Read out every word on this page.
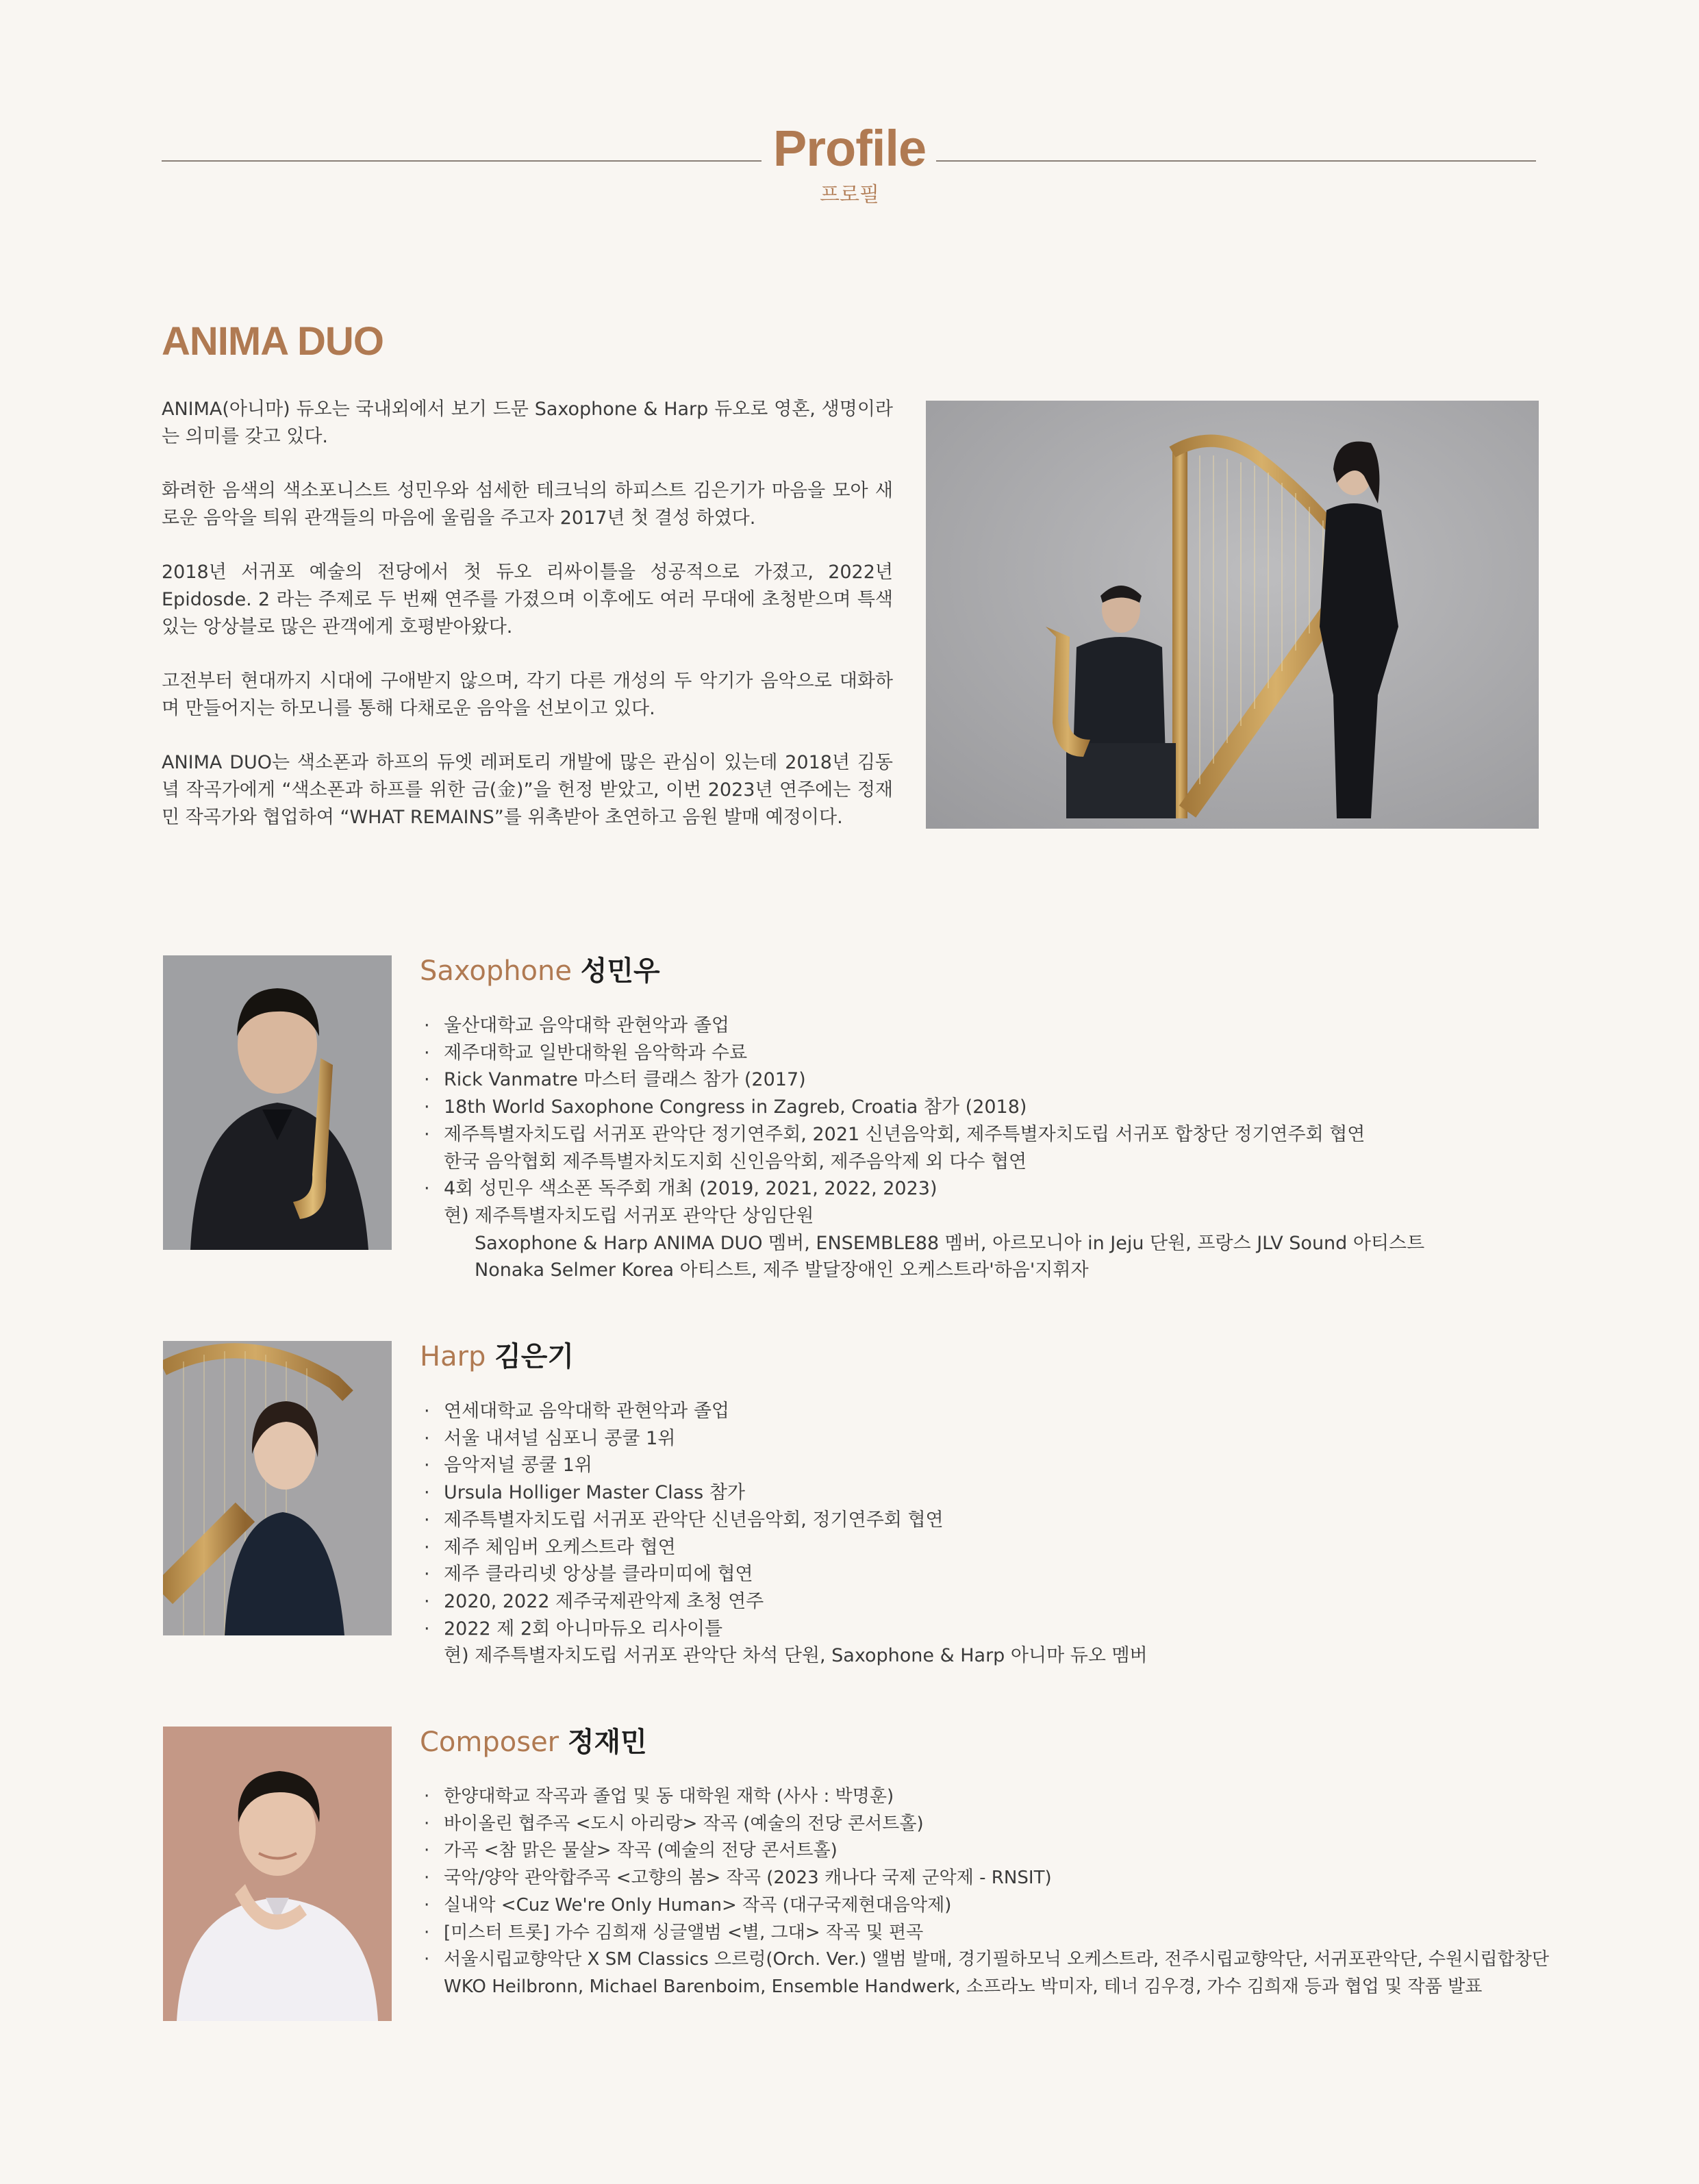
Profile
프로필
ANIMA DUO

ANIMA(아니마) 듀오는 국내외에서 보기 드문 Saxophone & Harp 듀오로 영혼, 생명이라는 의미를 갖고 있다.

화려한 음색의 색소포니스트 성민우와 섬세한 테크닉의 하피스트 김은기가 마음을 모아 새로운 음악을 틔워 관객들의 마음에 울림을 주고자 2017년 첫 결성 하였다.

2018년 서귀포 예술의 전당에서 첫 듀오 리싸이틀을 성공적으로 가졌고, 2022년 Epidosde. 2 라는 주제로 두 번째 연주를 가졌으며 이후에도 여러 무대에 초청받으며 특색있는 앙상블로 많은 관객에게 호평받아왔다.

고전부터 현대까지 시대에 구애받지 않으며, 각기 다른 개성의 두 악기가 음악으로 대화하며 만들어지는 하모니를 통해 다채로운 음악을 선보이고 있다.

ANIMA DUO는 색소폰과 하프의 듀엣 레퍼토리 개발에 많은 관심이 있는데 2018년 김동녘 작곡가에게 “색소폰과 하프를 위한 금(金)”을 헌정 받았고, 이번 2023년 연주에는 정재민 작곡가와 협업하여 “WHAT REMAINS”를 위촉받아 초연하고 음원 발매 예정이다.

Saxophone 성민우
· 울산대학교 음악대학 관현악과 졸업
· 제주대학교 일반대학원 음악학과 수료
· Rick Vanmatre 마스터 클래스 참가 (2017)
· 18th World Saxophone Congress in Zagreb, Croatia 참가 (2018)
· 제주특별자치도립 서귀포 관악단 정기연주회, 2021 신년음악회, 제주특별자치도립 서귀포 합창단 정기연주회 협연
한국 음악협회 제주특별자치도지회 신인음악회, 제주음악제 외 다수 협연
· 4회 성민우 색소폰 독주회 개최 (2019, 2021, 2022, 2023)
현) 제주특별자치도립 서귀포 관악단 상임단원
Saxophone & Harp ANIMA DUO 멤버, ENSEMBLE88 멤버, 아르모니아 in Jeju 단원, 프랑스 JLV Sound 아티스트
Nonaka Selmer Korea 아티스트, 제주 발달장애인 오케스트라'하음'지휘자
Harp 김은기
· 연세대학교 음악대학 관현악과 졸업
· 서울 내셔널 심포니 콩쿨 1위
· 음악저널 콩쿨 1위
· Ursula Holliger Master Class 참가
· 제주특별자치도립 서귀포 관악단 신년음악회, 정기연주회 협연
· 제주 체임버 오케스트라 협연
· 제주 클라리넷 앙상블 클라미띠에 협연
· 2020, 2022 제주국제관악제 초청 연주
· 2022 제 2회 아니마듀오 리사이틀
현) 제주특별자치도립 서귀포 관악단 차석 단원, Saxophone & Harp 아니마 듀오 멤버
Composer 정재민
· 한양대학교 작곡과 졸업 및 동 대학원 재학 (사사 : 박명훈)
· 바이올린 협주곡 <도시 아리랑> 작곡 (예술의 전당 콘서트홀)
· 가곡 <참 맑은 물살> 작곡 (예술의 전당 콘서트홀)
· 국악/양악 관악합주곡 <고향의 봄> 작곡 (2023 캐나다 국제 군악제 - RNSIT)
· 실내악 <Cuz We're Only Human> 작곡 (대구국제현대음악제)
· [미스터 트롯] 가수 김희재 싱글앨범 <별, 그대> 작곡 및 편곡
· 서울시립교향악단 X SM Classics 으르렁(Orch. Ver.) 앨범 발매, 경기필하모닉 오케스트라, 전주시립교향악단, 서귀포관악단, 수원시립합창단
WKO Heilbronn, Michael Barenboim, Ensemble Handwerk, 소프라노 박미자, 테너 김우경, 가수 김희재 등과 협업 및 작품 발표
